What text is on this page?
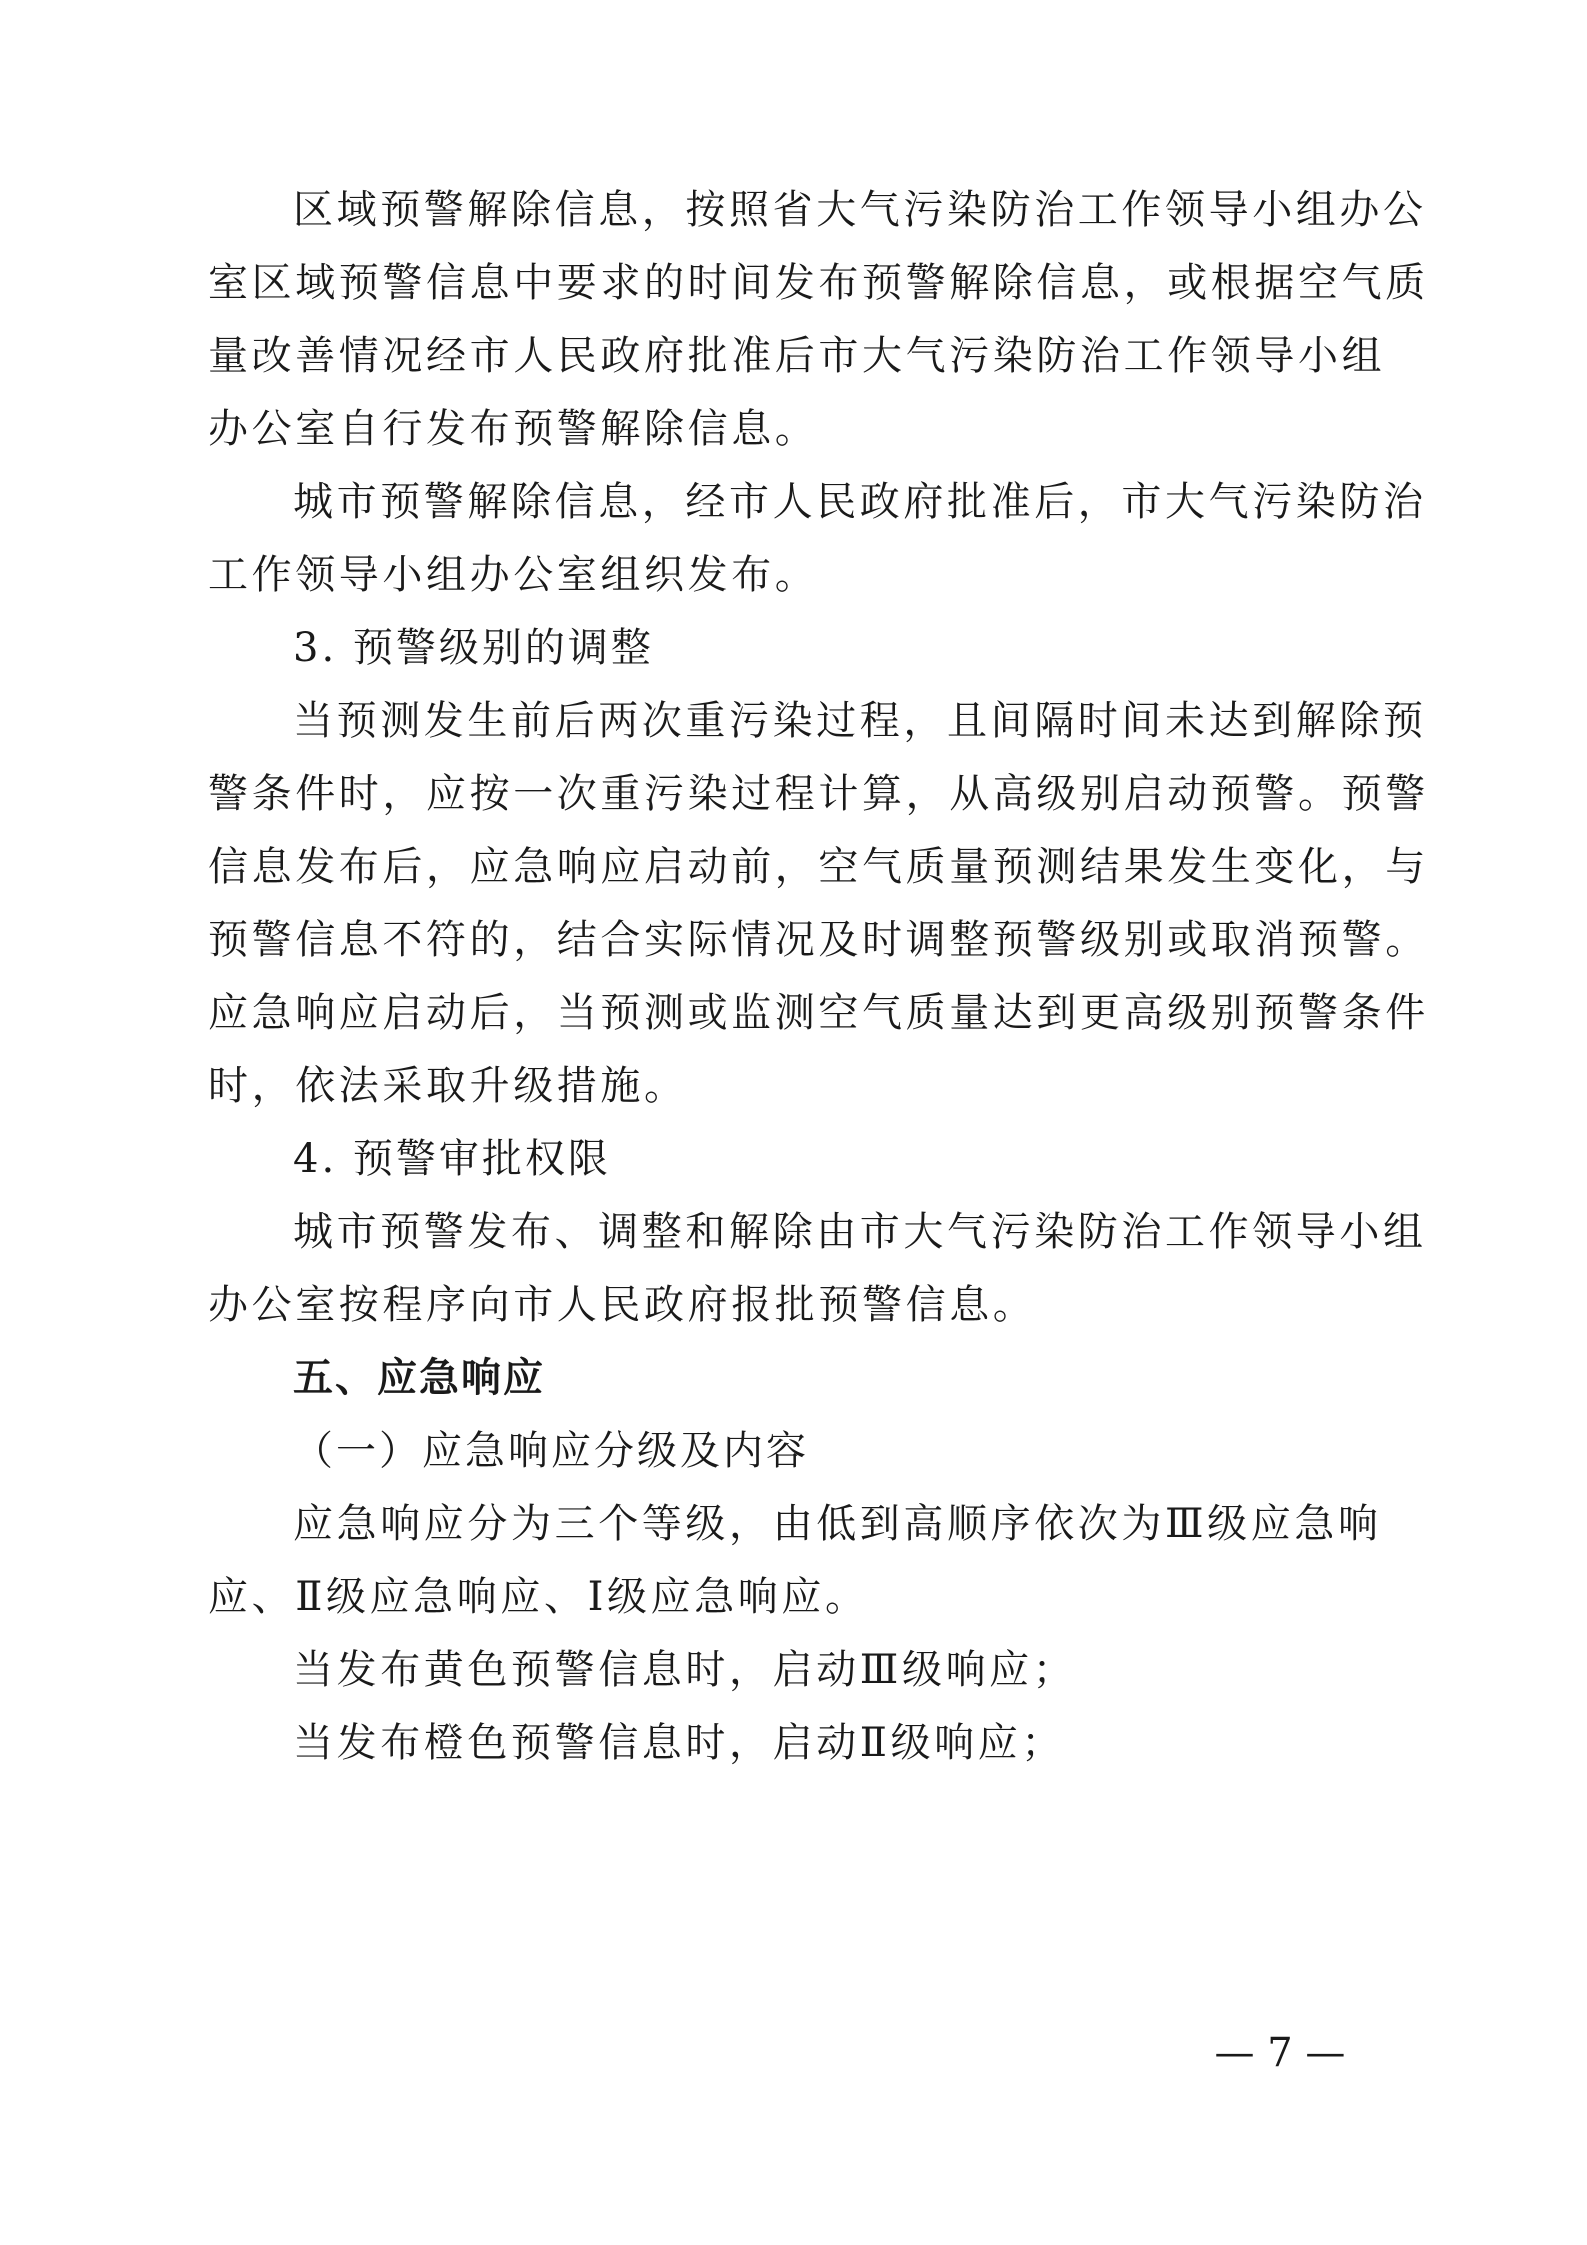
区域预警解除信息，按照省大气污染防治工作领导小组办公
室区域预警信息中要求的时间发布预警解除信息，或根据空气质
量改善情况经市人民政府批准后市大气污染防治工作领导小组
办公室自行发布预警解除信息。
城市预警解除信息，经市人民政府批准后，市大气污染防治
工作领导小组办公室组织发布。
3. 预警级别的调整
当预测发生前后两次重污染过程，且间隔时间未达到解除预
警条件时，应按一次重污染过程计算，从高级别启动预警。预警
信息发布后，应急响应启动前，空气质量预测结果发生变化，与
预警信息不符的，结合实际情况及时调整预警级别或取消预警。
应急响应启动后，当预测或监测空气质量达到更高级别预警条件
时，依法采取升级措施。
4. 预警审批权限
城市预警发布、调整和解除由市大气污染防治工作领导小组
办公室按程序向市人民政府报批预警信息。
五、应急响应
（一）应急响应分级及内容
应急响应分为三个等级，由低到高顺序依次为Ⅲ级应急响
应、Ⅱ级应急响应、Ⅰ级应急响应。
当发布黄色预警信息时，启动Ⅲ级响应；
当发布橙色预警信息时，启动Ⅱ级响应；
— 7 —
